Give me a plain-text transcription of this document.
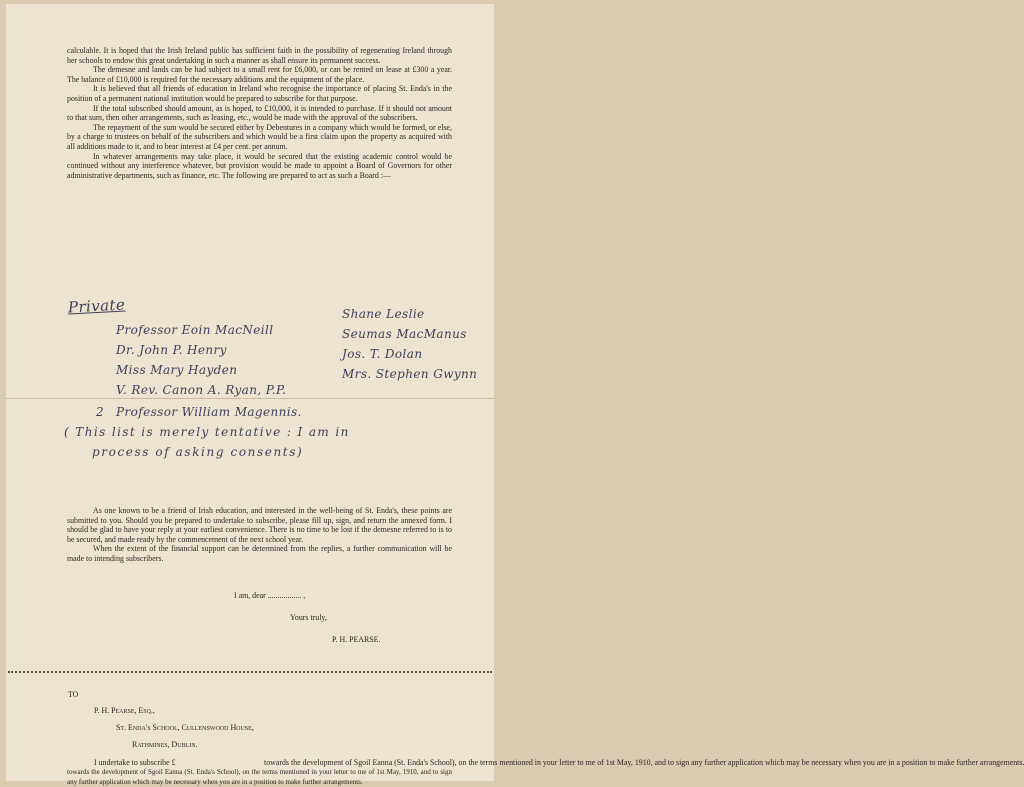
calculable. It is hoped that the Irish Ireland public has sufficient faith in the possibility of regenerating Ireland through her schools to endow this great undertaking in such a manner as shall ensure its permanent success.

The demesne and lands can be had subject to a small rent for £6,000, or can be rented on lease at £300 a year. The balance of £10,000 is required for the necessary additions and the equipment of the place.

It is believed that all friends of education in Ireland who recognise the importance of placing St. Enda's in the position of a permanent national institution would be prepared to subscribe for that purpose.

If the total subscribed should amount, as is hoped, to £10,000, it is intended to purchase. If it should not amount to that sum, then other arrangements, such as leasing, etc., would be made with the approval of the subscribers.

The repayment of the sum would be secured either by Debentures in a company which would be formed, or else, by a charge to trustees on behalf of the subscribers and which would be a first claim upon the property as acquired with all additions made to it, and to bear interest at £4 per cent. per annum.

In whatever arrangements may take place, it would be secured that the existing academic control would be continued without any interference whatever, but provision would be made to appoint a Board of Governors for other administrative departments, such as finance, etc. The following are prepared to act as such a Board :—

Private
Professor Eoin MacNeill
Dr. John P. Henry
Miss Mary Hayden
V. Rev. Canon A. Ryan, P.P.
Shane Leslie
Seumas MacManus
Jos. T. Dolan
Mrs. Stephen Gwynn
2 Professor William Magennis.
( This list is merely tentative : I am in
process of asking consents)

As one known to be a friend of Irish education, and interested in the well-being of St. Enda's, these points are submitted to you. Should you be prepared to undertake to subscribe, please fill up, sign, and return the annexed form. I should be glad to have your reply at your earliest convenience. There is no time to be lost if the demesne referred to is to be secured, and made ready by the commencement of the next school year.

When the extent of the financial support can be determined from the replies, a further communication will be made to intending subscribers.

I am, dear ................. ,
Yours truly,
P. H. PEARSE.
TO
P. H. Pearse, Esq.,
St. Enda's School, Cullenswood House,
Rathmines, Dublin.
I undertake to subscribe £	towards the development of Sgoil Eanna (St. Enda's School), on the terms mentioned in your letter to me of 1st May, 1910, and to sign any further application which may be necessary when you are in a position to make further arrangements.
towards the development of Sgoil Eanna (St. Enda's School), on the terms mentioned in your letter to me of 1st May, 1910, and to sign any further application which may be necessary when you are in a position to make further arrangements.
